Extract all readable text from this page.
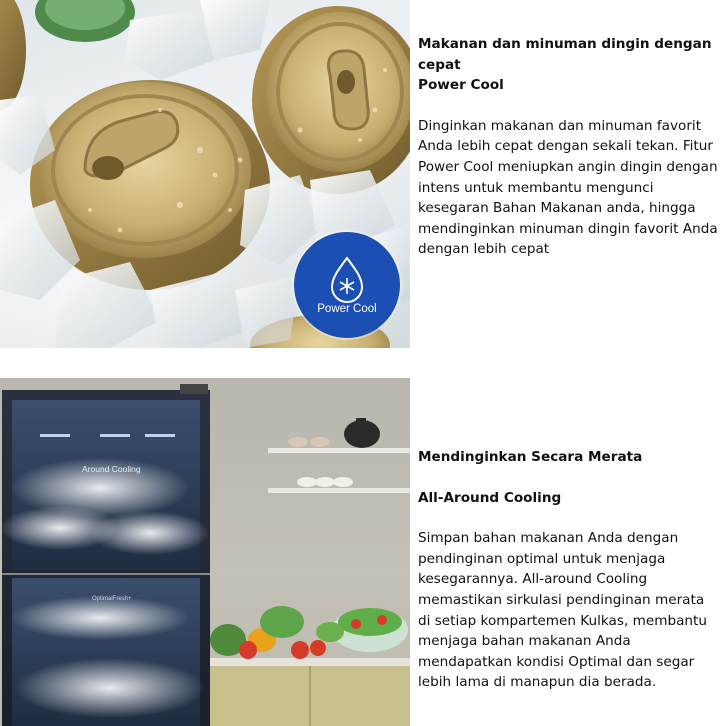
Power Cool

Makanan dan minuman dingin dengan cepat

Power Cool

Dinginkan makanan dan minuman favorit Anda lebih cepat dengan sekali tekan. Fitur Power Cool meniupkan angin dingin dengan intens untuk membantu mengunci kesegaran Bahan Makanan anda, hingga mendinginkan minuman dingin favorit Anda dengan lebih cepat

Around Cooling
OptimalFresh+

Mendinginkan Secara Merata

All-Around Cooling

Simpan bahan makanan Anda dengan pendinginan optimal untuk menjaga kesegarannya. All-around Cooling memastikan sirkulasi pendinginan merata di setiap kompartemen Kulkas, membantu menjaga bahan makanan Anda mendapatkan kondisi Optimal dan segar lebih lama di manapun dia berada.
